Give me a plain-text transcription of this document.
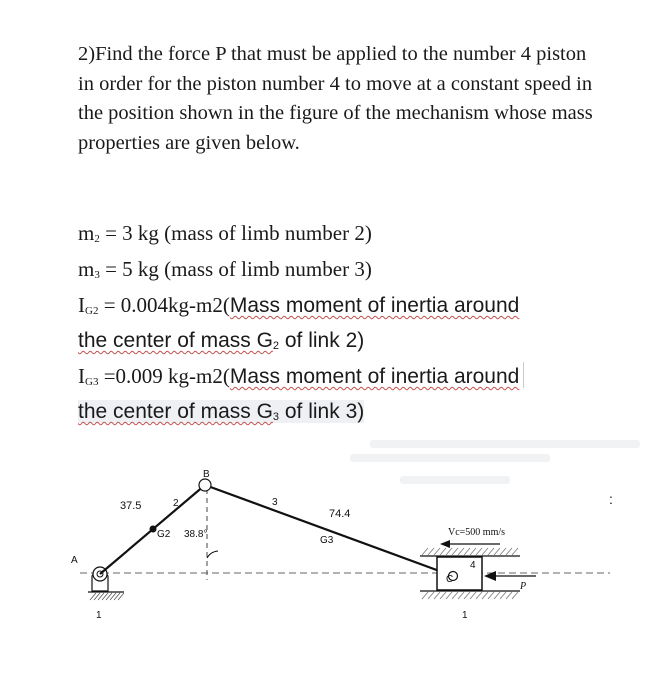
2)Find the force P that must be applied to the number 4 piston in order for the piston number 4 to move at a constant speed in the position shown in the figure of the mechanism whose mass properties are given below.

$m_2 = 3$ kg (mass of limb number 2)
$m_3 = 5$ kg (mass of limb number 3)
$I_{G2}$ = 0.004kg-m2(Mass moment of inertia around
the center of mass $G_2$ of link 2)
$I_{G3} =0.009$ kg-m2(Mass moment of inertia around
the center of mass $G_3$ of link 3)
:
A
B
C
1	1
2	3
4
G2
G3
37.5
74.4
38.8°	Vc=500 mm/s
P
